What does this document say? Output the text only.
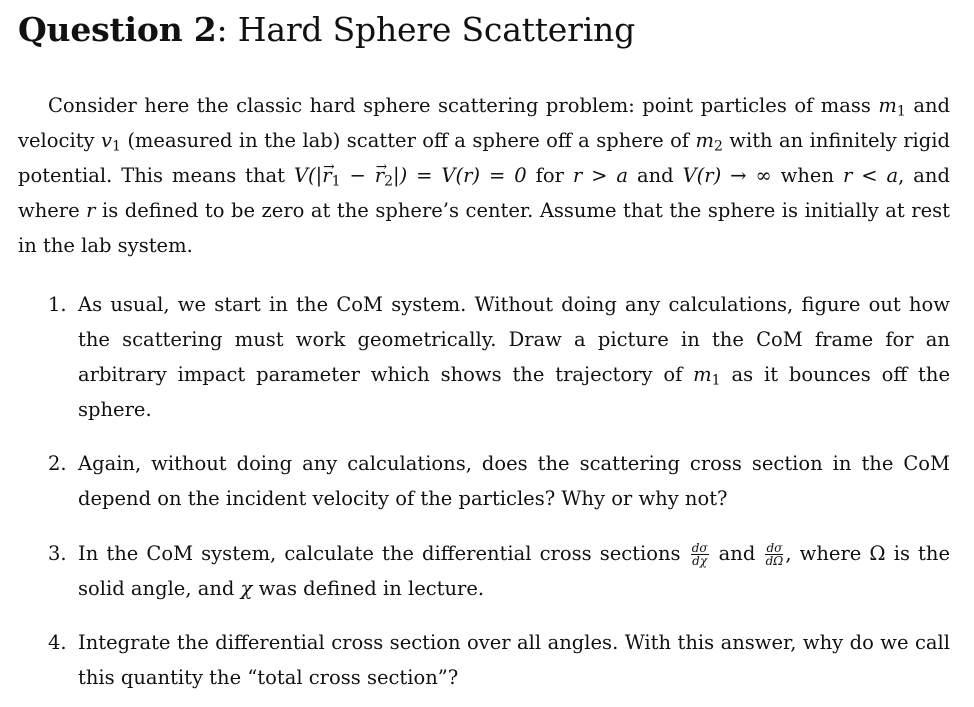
Question 2: Hard Sphere Scattering
Consider here the classic hard sphere scattering problem: point particles of mass $m_1$ and velocity $v_1$ (measured in the lab) scatter off a sphere off a sphere of $m_2$ with an infinitely rigid potential. This means that $V(|\to r_1$ − → $r_2|) = V(r) = 0$ for r > a and V(r) → ∞ when r < a, and where r is defined to be zero at the sphere’s center. Assume that the sphere is initially at rest in the lab system.
1. As usual, we start in the CoM system. Without doing any calculations, figure out how the scattering must work geometrically. Draw a picture in the CoM frame for an arbitrary impact parameter which shows the trajectory of $m_1$ as it bounces off the sphere.
2. Again, without doing any calculations, does the scattering cross section in the CoM depend on the incident velocity of the particles? Why or why not?
3. In the CoM system, calculate the differential cross sections $\frac{d\sigma}{d\chi}$ and $\frac{d\sigma}{d\Omega}$ , where Ω is the solid angle, and χ was defined in lecture.
4. Integrate the differential cross section over all angles. With this answer, why do we call this quantity the “total cross section”?
